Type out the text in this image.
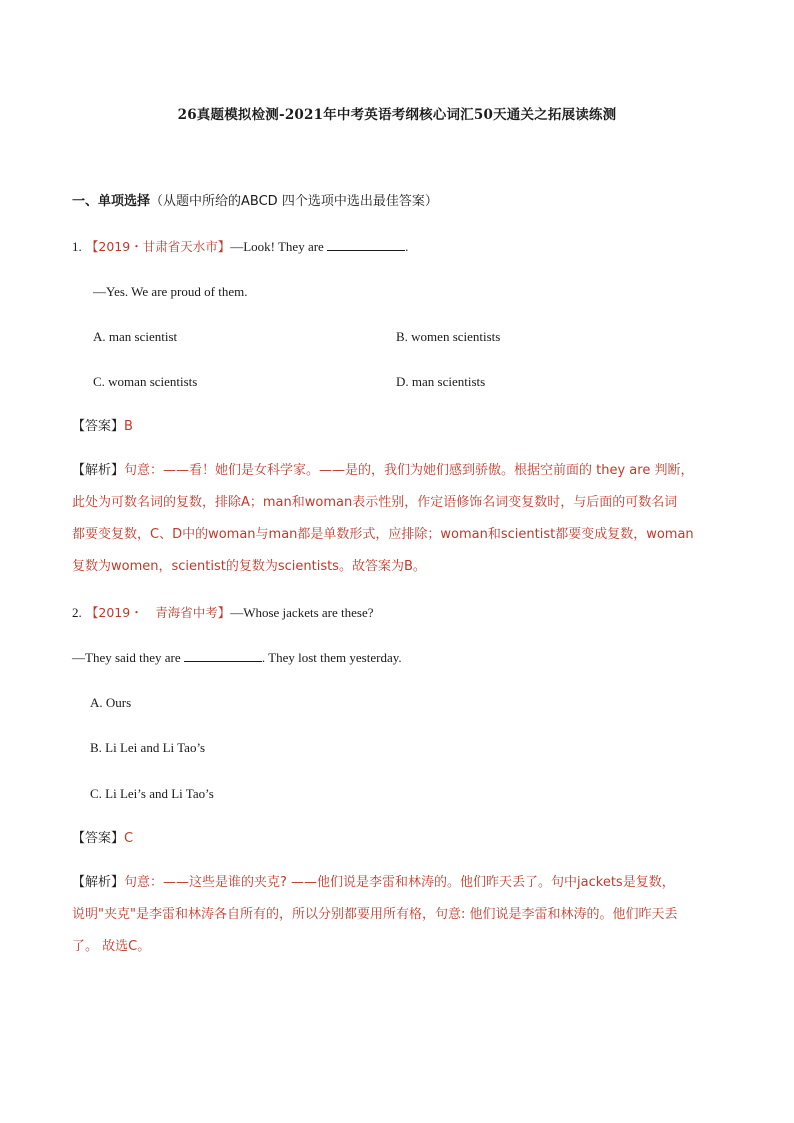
26真题模拟检测-2021年中考英语考纲核心词汇50天通关之拓展读练测
一、单项选择（从题中所给的ABCD 四个选项中选出最佳答案）
1. 【2019・甘肃省天水市】—Look! They are	.
—Yes. We are proud of them.
A. man scientist	B. women scientists
C. woman scientists	D. man scientists
【答案】B
【解析】句意：——看！她们是女科学家。——是的，我们为她们感到骄傲。根据空前面的 they are 判断，
此处为可数名词的复数，排除A；man和woman表示性别，作定语修饰名词变复数时，与后面的可数名词
都要变复数，C、D中的woman与man都是单数形式，应排除；woman和scientist都要变成复数，woman
复数为women，scientist的复数为scientists。故答案为B。
2. 【2019・　青海省中考】—Whose jackets are these?
—They said they are	. They lost them yesterday.
A. Ours
B. Li Lei and Li Tao’s
C. Li Lei’s and Li Tao’s
【答案】C
【解析】句意：——这些是谁的夹克? ——他们说是李雷和林涛的。他们昨天丢了。句中jackets是复数，
说明"夹克"是李雷和林涛各自所有的，所以分别都要用所有格，句意: 他们说是李雷和林涛的。他们昨天丢
了。 故选C。
